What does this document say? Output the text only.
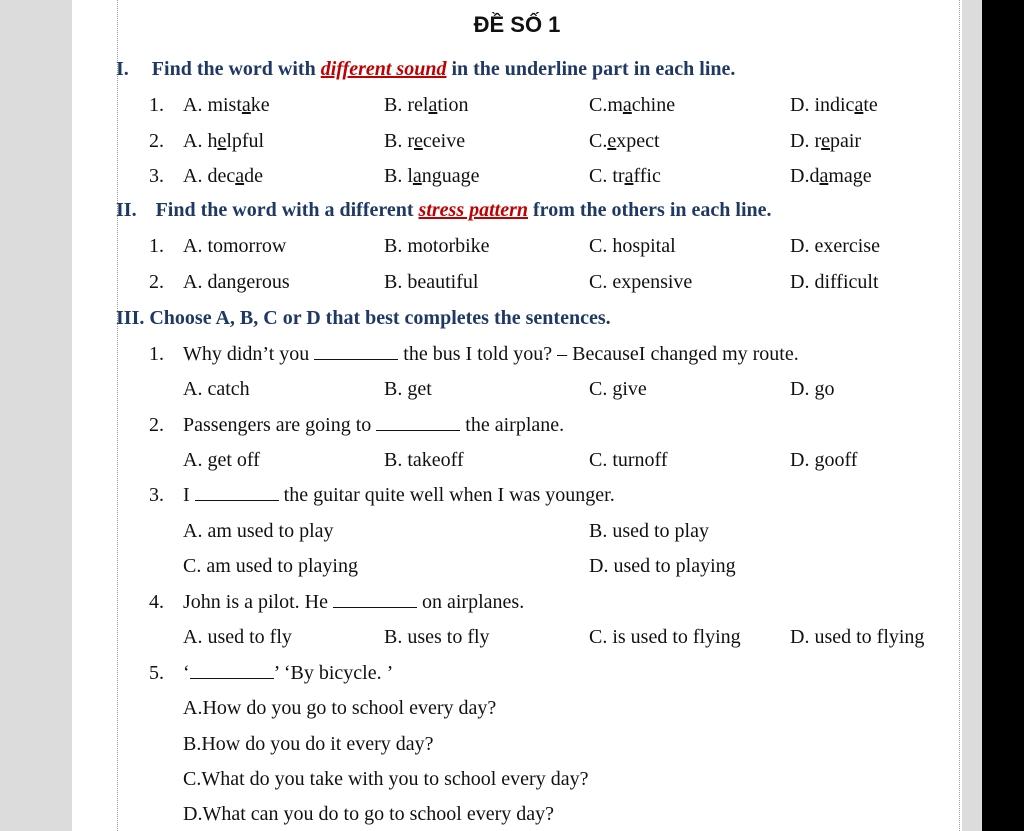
ĐỀ SỐ 1
I. Find the word with different sound in the underline part in each line.
1. A. mistake	B. relation	C.machine	D. indicate
2. A. helpful	B. receive	C.expect	D. repair
3. A. decade	B. language	C. traffic	D.damage
II. Find the word with a different stress pattern from the others in each line.
1. A. tomorrow	B. motorbike	C. hospital	D. exercise
2. A. dangerous	B. beautiful	C. expensive	D. difficult
III. Choose A, B, C or D that best completes the sentences.
1. Why didn’t you	the bus I told you? – BecauseI changed my route.
A. catch	B. get	C. give	D. go
2. Passengers are going to	the airplane.
A. get off	B. takeoff	C. turnoff	D. gooff
3. I	the guitar quite well when I was younger.
A. am used to play	B. used to play
C. am used to playing	D. used to playing
4. John is a pilot. He	on airplanes.
A. used to fly	B. uses to fly	C. is used to flying D. used to flying
5. ‘	’ ‘By bicycle. ’
A.How do you go to school every day?
B.How do you do it every day?
C.What do you take with you to school every day?
D.What can you do to go to school every day?
